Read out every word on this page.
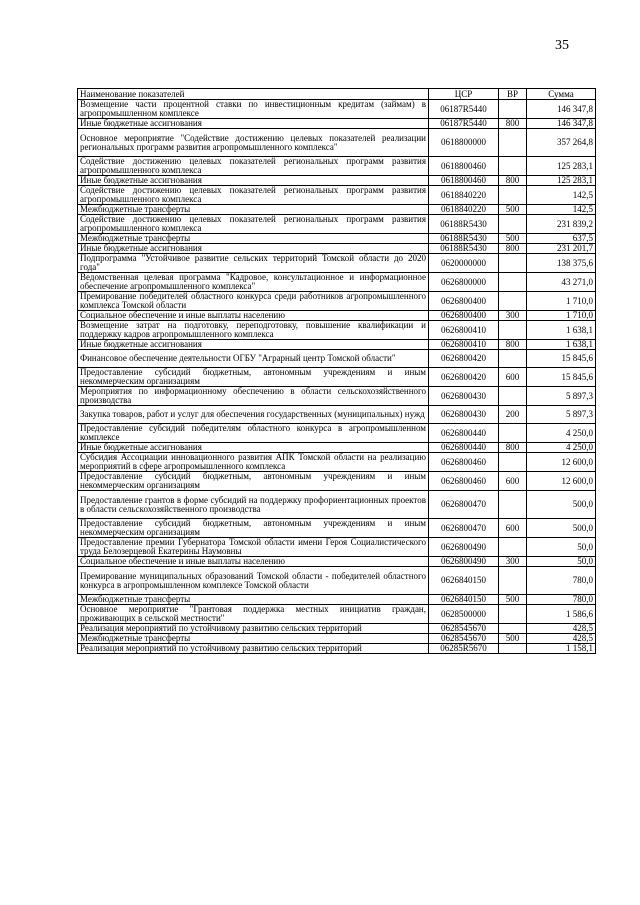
35
Наименование показателей	ЦСР	ВР	Сумма
Возмещение части процентной ставки по инвестиционным кредитам (займам) в агропромышленном комплексе	06187R5440		146 347,8
Иные бюджетные ассигнования	06187R5440	800	146 347,8
Основное мероприятие "Содействие достижению целевых показателей реализации региональных программ развития агропромышленного комплекса"	0618800000		357 264,8
Содействие достижению целевых показателей региональных программ развития агропромышленного комплекса	0618800460		125 283,1
Иные бюджетные ассигнования	0618800460	800	125 283,1
Содействие достижению целевых показателей региональных программ развития агропромышленного комплекса	0618840220		142,5
Межбюджетные трансферты	0618840220	500	142,5
Содействие достижению целевых показателей региональных программ развития агропромышленного комплекса	06188R5430		231 839,2
Межбюджетные трансферты	06188R5430	500	637,5
Иные бюджетные ассигнования	06188R5430	800	231 201,7
Подпрограмма "Устойчивое развитие сельских территорий Томской области до 2020 года"	0620000000		138 375,6
Ведомственная целевая программа "Кадровое, консультационное и информационное обеспечение агропромышленного комплекса"	0626800000		43 271,0
Премирование победителей областного конкурса среди работников агропромышленного комплекса Томской области	0626800400		1 710,0
Социальное обеспечение и иные выплаты населению	0626800400	300	1 710,0
Возмещение затрат на подготовку, переподготовку, повышение квалификации и поддержку кадров агропромышленного комплекса	0626800410		1 638,1
Иные бюджетные ассигнования	0626800410	800	1 638,1
Финансовое обеспечение деятельности ОГБУ "Аграрный центр Томской области"	0626800420		15 845,6
Предоставление субсидий бюджетным, автономным учреждениям и иным некоммерческим организациям	0626800420	600	15 845,6
Мероприятия по информационному обеспечению в области сельскохозяйственного производства	0626800430		5 897,3
Закупка товаров, работ и услуг для обеспечения государственных (муниципальных) нужд	0626800430	200	5 897,3
Предоставление субсидий победителям областного конкурса в агропромышленном комплексе	0626800440		4 250,0
Иные бюджетные ассигнования	0626800440	800	4 250,0
Субсидия Ассоциации инновационного развития АПК Томской области на реализацию мероприятий в сфере агропромышленного комплекса	0626800460		12 600,0
Предоставление субсидий бюджетным, автономным учреждениям и иным некоммерческим организациям	0626800460	600	12 600,0
Предоставление грантов в форме субсидий на поддержку профориентационных проектов в области сельскохозяйственного производства	0626800470		500,0
Предоставление субсидий бюджетным, автономным учреждениям и иным некоммерческим организациям	0626800470	600	500,0
Предоставление премии Губернатора Томской области имени Героя Социалистического труда Белозерцевой Екатерины Наумовны	0626800490		50,0
Социальное обеспечение и иные выплаты населению	0626800490	300	50,0
Премирование муниципальных образований Томской области - победителей областного конкурса в агропромышленном комплексе Томской области	0626840150		780,0
Межбюджетные трансферты	0626840150	500	780,0
Основное мероприятие "Грантовая поддержка местных инициатив граждан, проживающих в сельской местности"	0628500000		1 586,6
Реализация мероприятий по устойчивому развитию сельских территорий	0628545670		428,5
Межбюджетные трансферты	0628545670	500	428,5
Реализация мероприятий по устойчивому развитию сельских территорий	06285R5670		1 158,1
